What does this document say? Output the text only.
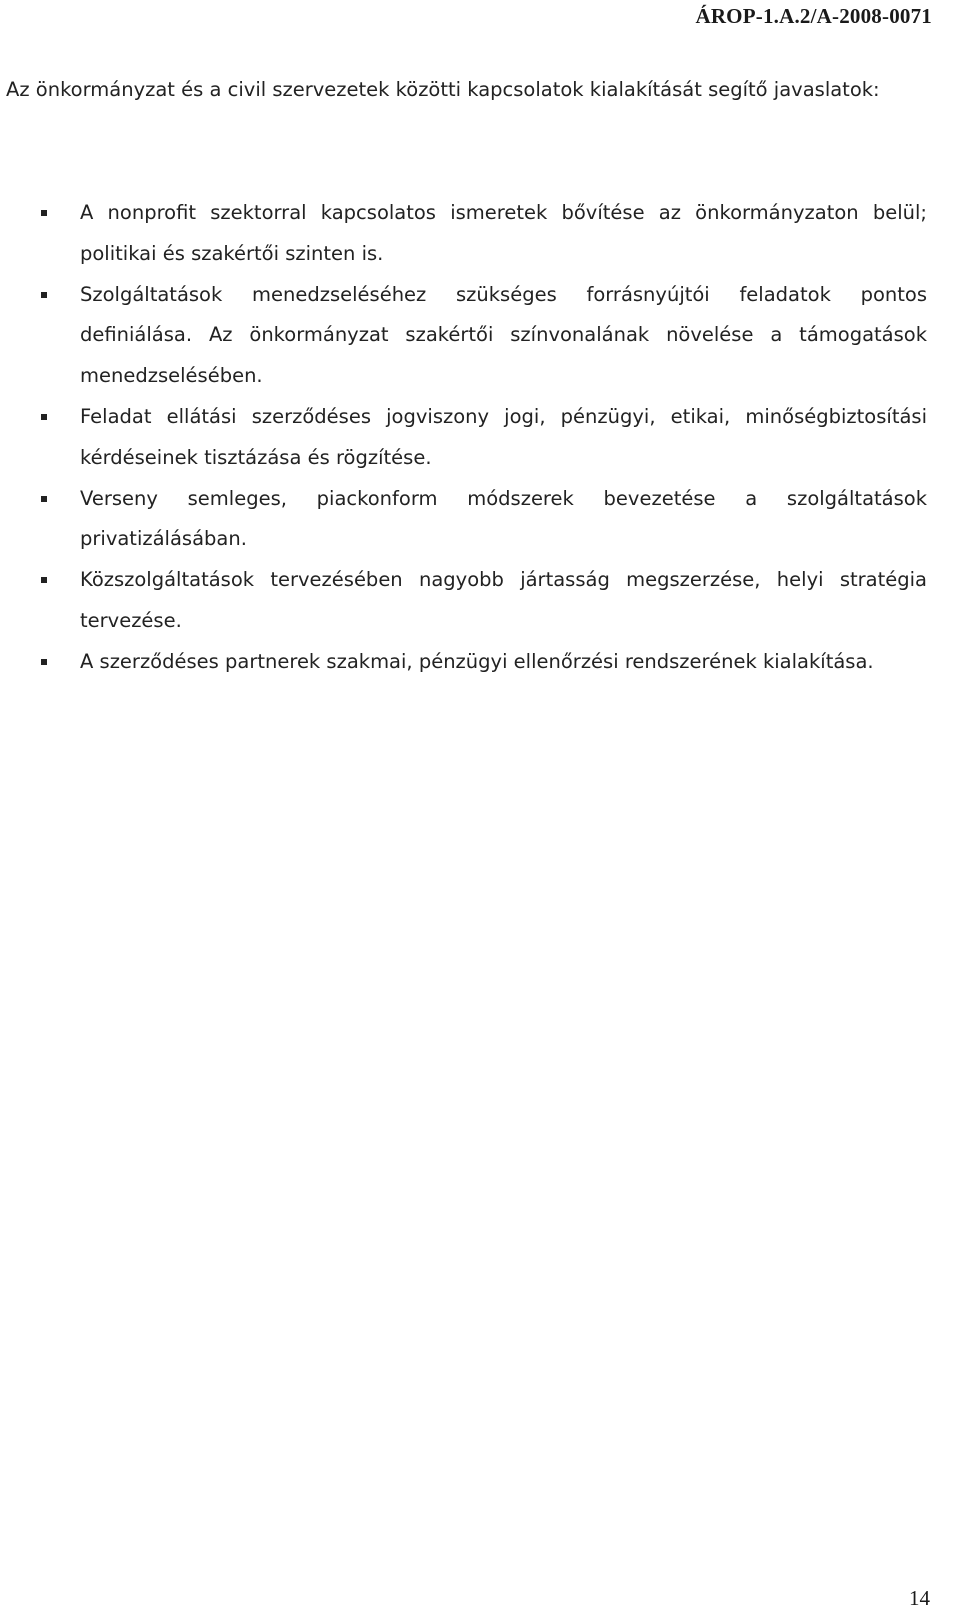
ÁROP-1.A.2/A-2008-0071

Az önkormányzat és a civil szervezetek közötti kapcsolatok kialakítását segítő javaslatok:

A nonprofit szektorral kapcsolatos ismeretek bővítése az önkormányzaton belül; politikai és szakértői szinten is.
Szolgáltatások menedzseléséhez szükséges forrásnyújtói feladatok pontos definiálása. Az önkormányzat szakértői színvonalának növelése a támogatások menedzselésében.
Feladat ellátási szerződéses jogviszony jogi, pénzügyi, etikai, minőségbiztosítási kérdéseinek tisztázása és rögzítése.
Verseny semleges, piackonform módszerek bevezetése a szolgáltatások privatizálásában.
Közszolgáltatások tervezésében nagyobb jártasság megszerzése, helyi stratégia tervezése.
A szerződéses partnerek szakmai, pénzügyi ellenőrzési rendszerének kialakítása.
14
